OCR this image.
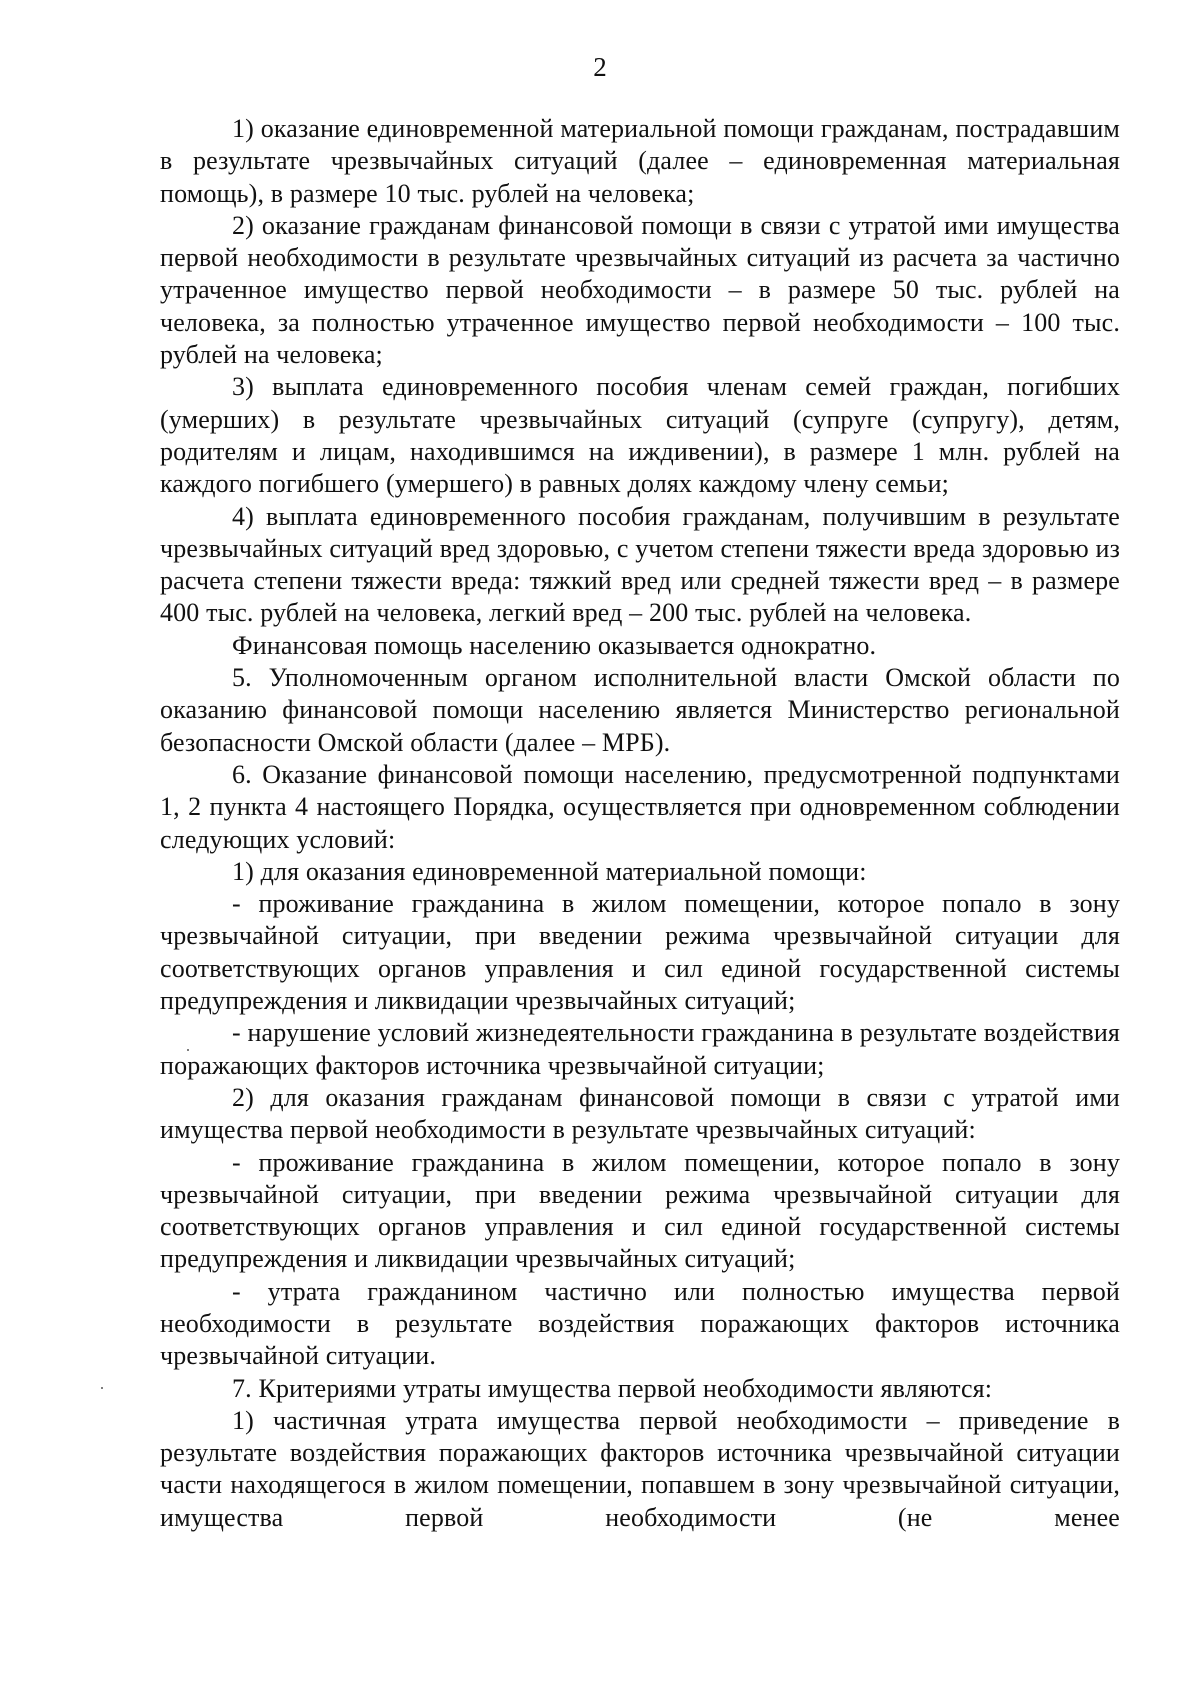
2

1) оказание единовременной материальной помощи гражданам, пострадавшим в результате чрезвычайных ситуаций (далее – единовременная материальная помощь), в размере 10 тыс. рублей на человека;

2) оказание гражданам финансовой помощи в связи с утратой ими имущества первой необходимости в результате чрезвычайных ситуаций из расчета за частично утраченное имущество первой необходимости – в размере 50 тыс. рублей на человека, за полностью утраченное имущество первой необходимости – 100 тыс. рублей на человека;

3) выплата единовременного пособия членам семей граждан, погибших (умерших) в результате чрезвычайных ситуаций (супруге (супругу), детям, родителям и лицам, находившимся на иждивении), в размере 1 млн. рублей на каждого погибшего (умершего) в равных долях каждому члену семьи;

4) выплата единовременного пособия гражданам, получившим в результате чрезвычайных ситуаций вред здоровью, с учетом степени тяжести вреда здоровью из расчета степени тяжести вреда: тяжкий вред или средней тяжести вред – в размере 400 тыс. рублей на человека, легкий вред – 200 тыс. рублей на человека.

Финансовая помощь населению оказывается однократно.

5. Уполномоченным органом исполнительной власти Омской области по оказанию финансовой помощи населению является Министерство региональной безопасности Омской области (далее – МРБ).

6. Оказание финансовой помощи населению, предусмотренной подпунктами 1, 2 пункта 4 настоящего Порядка, осуществляется при одновременном соблюдении следующих условий:

1) для оказания единовременной материальной помощи:

- проживание гражданина в жилом помещении, которое попало в зону чрезвычайной ситуации, при введении режима чрезвычайной ситуации для соответствующих органов управления и сил единой государственной системы предупреждения и ликвидации чрезвычайных ситуаций;

- нарушение условий жизнедеятельности гражданина в результате воздействия поражающих факторов источника чрезвычайной ситуации;

2) для оказания гражданам финансовой помощи в связи с утратой ими имущества первой необходимости в результате чрезвычайных ситуаций:

- проживание гражданина в жилом помещении, которое попало в зону чрезвычайной ситуации, при введении режима чрезвычайной ситуации для соответствующих органов управления и сил единой государственной системы предупреждения и ликвидации чрезвычайных ситуаций;

- утрата гражданином частично или полностью имущества первой необходимости в результате воздействия поражающих факторов источника чрезвычайной ситуации.

7. Критериями утраты имущества первой необходимости являются:

1) частичная утрата имущества первой необходимости – приведение в результате воздействия поражающих факторов источника чрезвычайной ситуации части находящегося в жилом помещении, попавшем в зону чрезвычайной ситуации, имущества первой необходимости (не менее
